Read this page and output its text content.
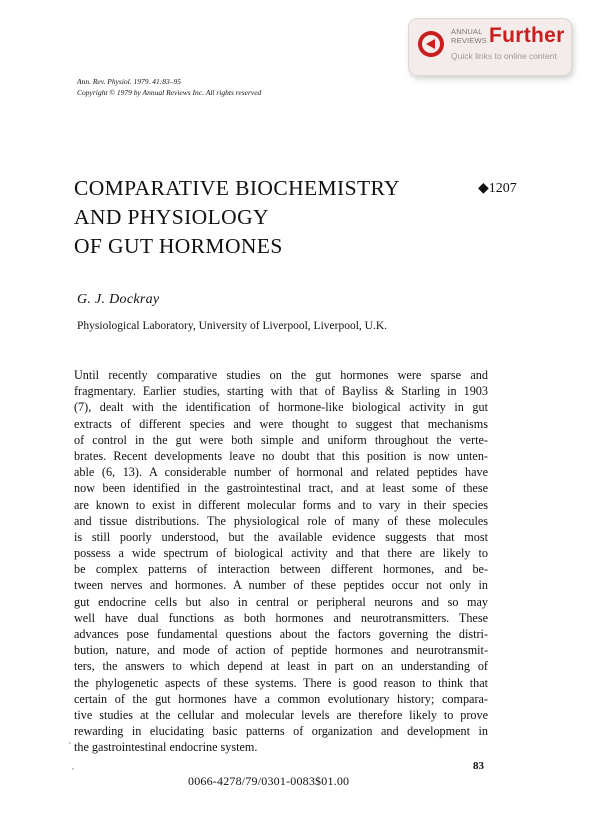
ANNUAL
REVIEWS Further
Quick links to online content
Ann. Rev. Physiol. 1979. 41:83–95
Copyright © 1979 by Annual Reviews Inc. All rights reserved
COMPARATIVE BIOCHEMISTRY
AND PHYSIOLOGY
OF GUT HORMONES
◆1207
G. J. Dockray
Physiological Laboratory, University of Liverpool, Liverpool, U.K.
Until recently comparative studies on the gut hormones were sparse and
fragmentary. Earlier studies, starting with that of Bayliss & Starling in 1903
(7), dealt with the identification of hormone-like biological activity in gut
extracts of different species and were thought to suggest that mechanisms
of control in the gut were both simple and uniform throughout the verte-
brates. Recent developments leave no doubt that this position is now unten-
able (6, 13). A considerable number of hormonal and related peptides have
now been identified in the gastrointestinal tract, and at least some of these
are known to exist in different molecular forms and to vary in their species
and tissue distributions. The physiological role of many of these molecules
is still poorly understood, but the available evidence suggests that most
possess a wide spectrum of biological activity and that there are likely to
be complex patterns of interaction between different hormones, and be-
tween nerves and hormones. A number of these peptides occur not only in
gut endocrine cells but also in central or peripheral neurons and so may
well have dual functions as both hormones and neurotransmitters. These
advances pose fundamental questions about the factors governing the distri-
bution, nature, and mode of action of peptide hormones and neurotransmit-
ters, the answers to which depend at least in part on an understanding of
the phylogenetic aspects of these systems. There is good reason to think that
certain of the gut hormones have a common evolutionary history; compara-
tive studies at the cellular and molecular levels are therefore likely to prove
rewarding in elucidating basic patterns of organization and development in
the gastrointestinal endocrine system.
83
0066-4278/79/0301-0083$01.00
